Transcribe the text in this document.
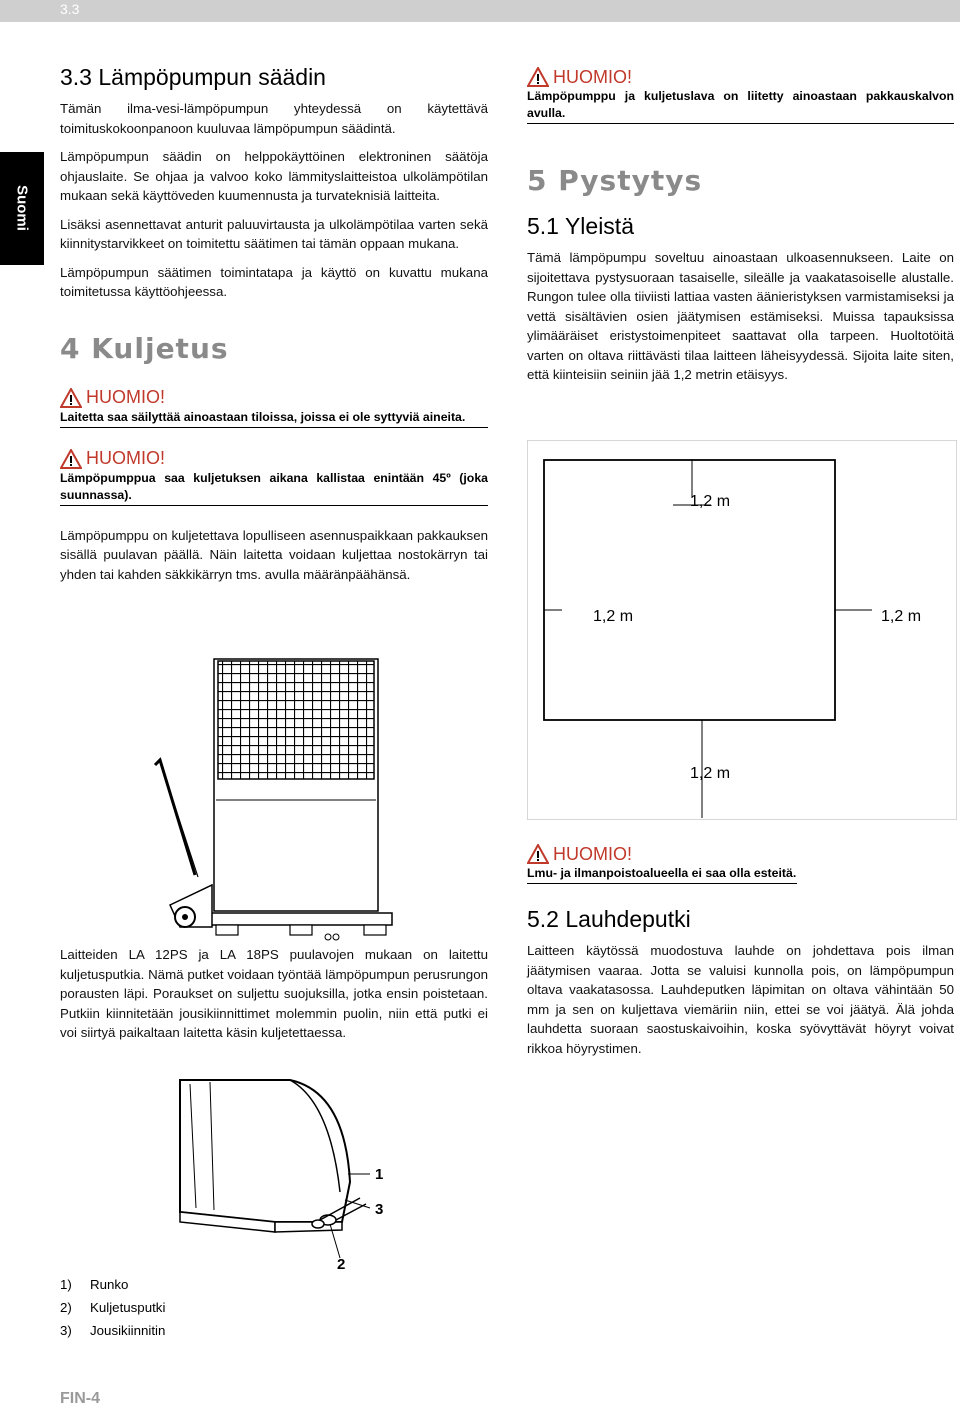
3.3
Suomi
3.3 Lämpöpumpun säädin

Tämän ilma-vesi-lämpöpumpun yhteydessä on käytettävä toimituskokoonpanoon kuuluvaa lämpöpumpun säädintä.

Lämpöpumpun säädin on helppokäyttöinen elektroninen säätöja ohjauslaite. Se ohjaa ja valvoo koko lämmityslaitteistoa ulkolämpötilan mukaan sekä käyttöveden kuumennusta ja turvateknisiä laitteita.

Lisäksi asennettavat anturit paluuvirtausta ja ulkolämpötilaa varten sekä kiinnitystarvikkeet on toimitettu säätimen tai tämän oppaan mukana.

Lämpöpumpun säätimen toimintatapa ja käyttö on kuvattu mukana toimitetussa käyttöohjeessa.

4 Kuljetus
HUOMIO!
Laitetta saa säilyttää ainoastaan tiloissa, joissa ei ole syttyviä aineita.
HUOMIO!
Lämpöpumppua saa kuljetuksen aikana kallistaa enintään 45º (joka suunnassa).

Lämpöpumppu on kuljetettava lopulliseen asennuspaikkaan pakkauksen sisällä puulavan päällä. Näin laitetta voidaan kuljettaa nostokärryn tai yhden tai kahden säkkikärryn tms. avulla määränpäähänsä.

Laitteiden LA 12PS ja LA 18PS puulavojen mukaan on laitettu kuljetusputkia. Nämä putket voidaan työntää lämpöpumpun perusrungon porausten läpi. Poraukset on suljettu suojuksilla, jotka ensin poistetaan. Putkiin kiinnitetään jousikiinnittimet molemmin puolin, niin että putki ei voi siirtyä paikaltaan laitetta käsin kuljetettaessa.

1
3
2
1)	Runko
2)	Kuljetusputki
3)	Jousikiinnitin
HUOMIO!
Lämpöpumppu ja kuljetuslava on liitetty ainoastaan pakkauskalvon avulla.
5 Pystytys
5.1 Yleistä

Tämä lämpöpumpu soveltuu ainoastaan ulkoasennukseen. Laite on sijoitettava pystysuoraan tasaiselle, sileälle ja vaakatasoiselle alustalle. Rungon tulee olla tiiviisti lattiaa vasten äänieristyksen varmistamiseksi ja vettä sisältävien osien jäätymisen estämiseksi. Muissa tapauksissa ylimääräiset eristystoimenpiteet saattavat olla tarpeen. Huoltotöitä varten on oltava riittävästi tilaa laitteen läheisyydessä. Sijoita laite siten, että kiinteisiin seiniin jää 1,2 metrin etäisyys.

1,2 m
1,2 m	1,2 m
1,2 m
HUOMIO!
Lmu- ja ilmanpoistoalueella ei saa olla esteitä.
5.2 Lauhdeputki

Laitteen käytössä muodostuva lauhde on johdettava pois ilman jäätymisen vaaraa. Jotta se valuisi kunnolla pois, on lämpöpumpun oltava vaakatasossa. Lauhdeputken läpimitan on oltava vähintään 50 mm ja sen on kuljettava viemäriin niin, ettei se voi jäätyä. Älä johda lauhdetta suoraan saostuskaivoihin, koska syövyttävät höyryt voivat rikkoa höyrystimen.

FIN-4
